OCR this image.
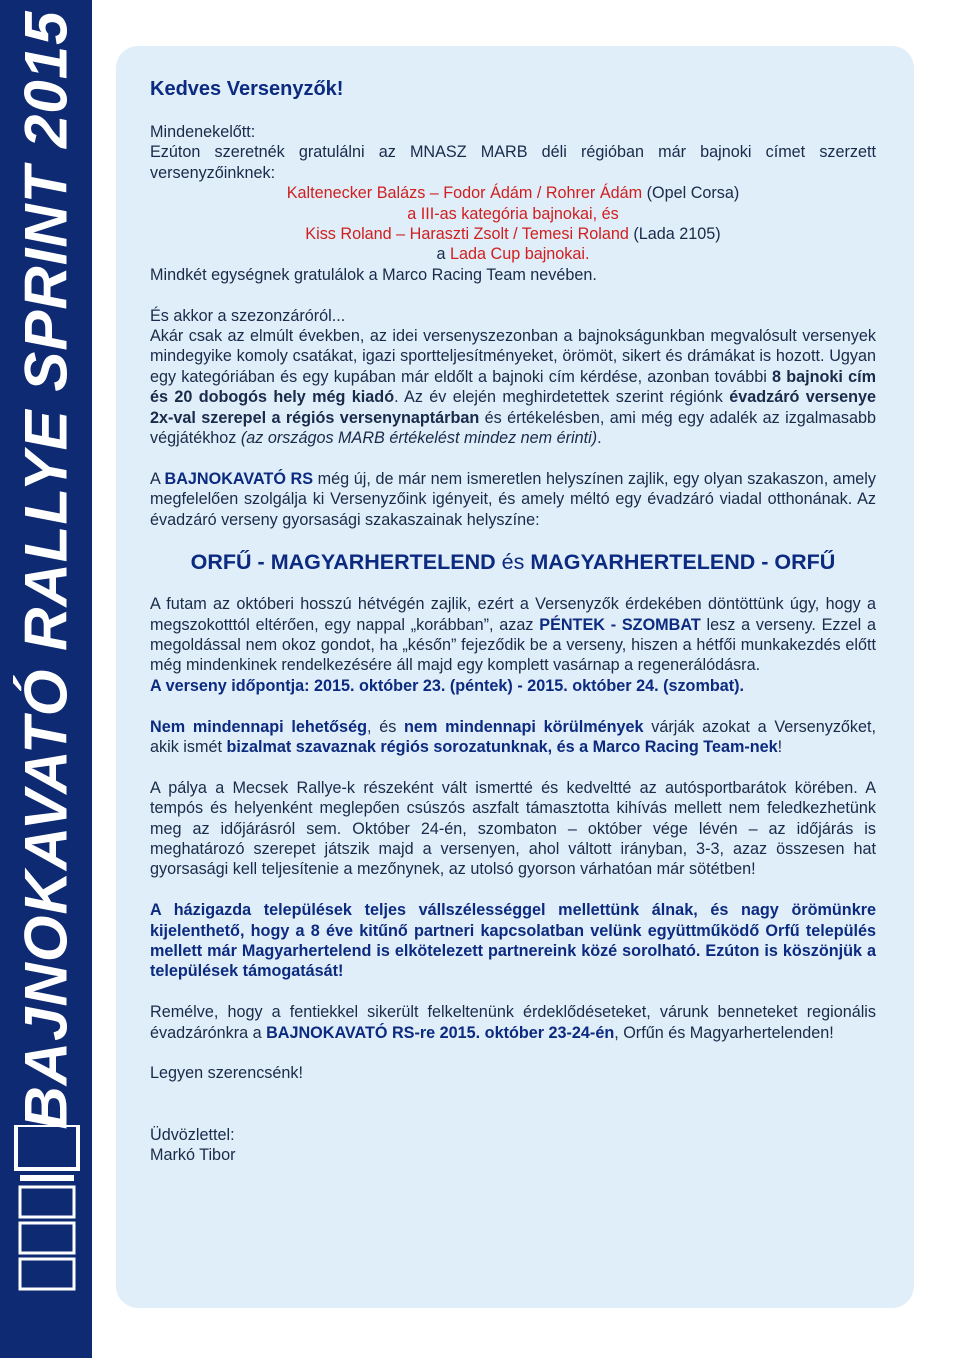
BAJNOKAVATÓ RALLYE SPRINT 2015	Kedves Versenyzők!

Mindenekelőtt:

Ezúton szeretnék gratulálni az MNASZ MARB déli régióban már bajnoki címet szerzett versenyzőinknek:

Kaltenecker Balázs – Fodor Ádám / Rohrer Ádám (Opel Corsa)

a III-as kategória bajnokai, és

Kiss Roland – Haraszti Zsolt / Temesi Roland (Lada 2105)

a Lada Cup bajnokai.

Mindkét egységnek gratulálok a Marco Racing Team nevében.

És akkor a szezonzáróról...

Akár csak az elmúlt években, az idei versenyszezonban a bajnokságunkban megvalósult versenyek mindegyike komoly csatákat, igazi sportteljesítményeket, örömöt, sikert és drámákat is hozott. Ugyan egy kategóriában és egy kupában már eldőlt a bajnoki cím kérdése, azonban további 8 bajnoki cím és 20 dobogós hely még kiadó. Az év elején meghirdetettek szerint régiónk évadzáró versenye 2x-val szerepel a régiós versenynaptárban és értékelésben, ami még egy adalék az izgalmasabb végjátékhoz (az országos MARB értékelést mindez nem érinti).

A BAJNOKAVATÓ RS még új, de már nem ismeretlen helyszínen zajlik, egy olyan szakaszon, amely megfelelően szolgálja ki Versenyzőink igényeit, és amely méltó egy évadzáró viadal otthonának. Az évadzáró verseny gyorsasági szakaszainak helyszíne:

ORFŰ - MAGYARHERTELEND és MAGYARHERTELEND - ORFŰ

A futam az októberi hosszú hétvégén zajlik, ezért a Versenyzők érdekében döntöttünk úgy, hogy a megszokotttól eltérően, egy nappal „korábban”, azaz PÉNTEK - SZOMBAT lesz a verseny. Ezzel a megoldással nem okoz gondot, ha „későn” fejeződik be a verseny, hiszen a hétfői munkakezdés előtt még mindenkinek rendelkezésére áll majd egy komplett vasárnap a regenerálódásra.

A verseny időpontja: 2015. október 23. (péntek) - 2015. október 24. (szombat).

Nem mindennapi lehetőség, és nem mindennapi körülmények várják azokat a Versenyzőket, akik ismét bizalmat szavaznak régiós sorozatunknak, és a Marco Racing Team-nek!

A pálya a Mecsek Rallye-k részeként vált ismertté és kedveltté az autósportbarátok körében. A tempós és helyenként meglepően csúszós aszfalt támasztotta kihívás mellett nem feledkezhetünk meg az időjárásról sem. Október 24-én, szombaton – október vége lévén – az időjárás is meghatározó szerepet játszik majd a versenyen, ahol váltott irányban, 3-3, azaz összesen hat gyorsasági kell teljesítenie a mezőnynek, az utolsó gyorson várhatóan már sötétben!

A házigazda települések teljes vállszélességgel mellettünk álnak, és nagy örömünkre kijelenthető, hogy a 8 éve kitűnő partneri kapcsolatban velünk együttműködő Orfű település mellett már Magyarhertelend is elkötelezett partnereink közé sorolható. Ezúton is köszönjük a települések támogatását!

Remélve, hogy a fentiekkel sikerült felkeltenünk érdeklődéseteket, várunk benneteket regionális évadzárónkra a BAJNOKAVATÓ RS-re 2015. október 23-24-én, Orfűn és Magyarhertelenden!

Legyen szerencsénk!

Üdvözlettel:

Markó Tibor
